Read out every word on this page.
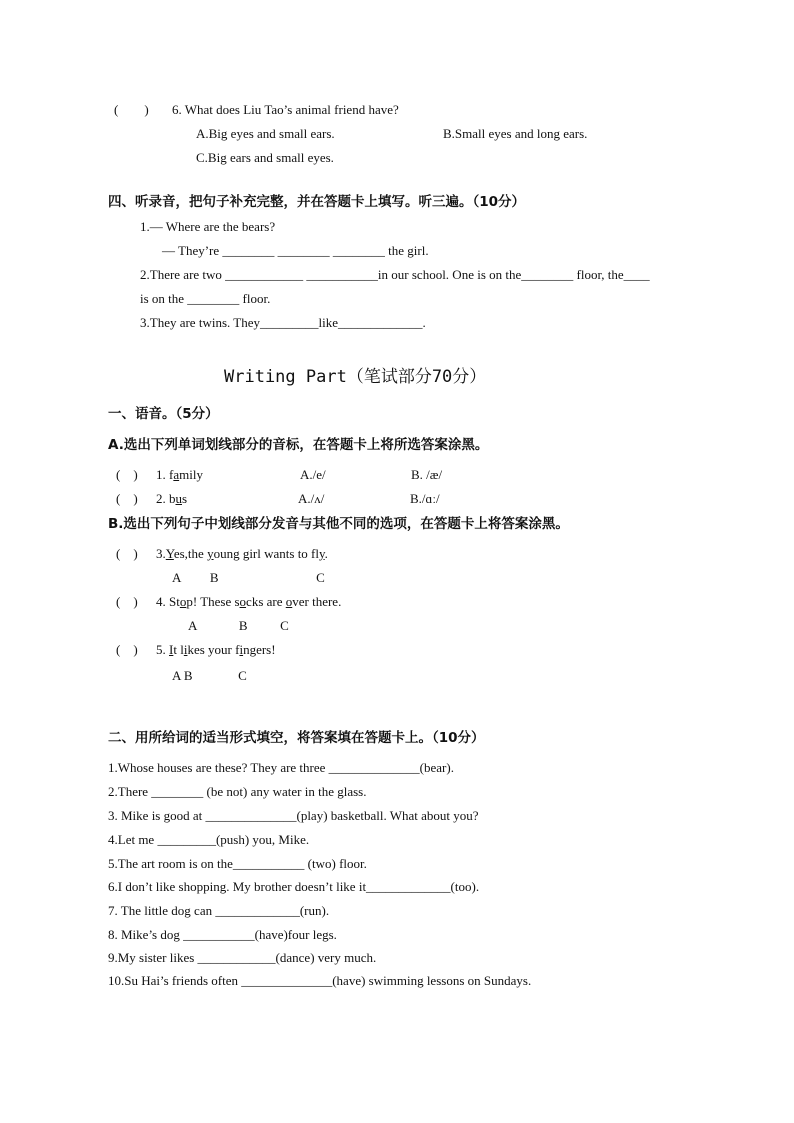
(        ) 6. What does Liu Tao’s animal friend have?
A.Big eyes and small ears.	B.Small eyes and long ears.
C.Big ears and small eyes.
四、听录音，把句子补充完整，并在答题卡上填写。听三遍。（10分）
1.— Where are the bears?
— They’re ________ ________ ________ the girl.
2.There are two ____________ ___________in our school. One is on the________ floor, the____
is on the ________ floor.
3.They are twins. They_________like_____________.
Writing Part（笔试部分70分）
一、语音。（5分）
A.选出下列单词划线部分的音标，在答题卡上将所选答案涂黑。
(    ) 1. family	A./e/	B. /æ/
(    ) 2. bus	A./ʌ/	B./ɑː/
B.选出下列句子中划线部分发音与其他不同的选项，在答题卡上将答案涂黑。
(    ) 3.Yes,the young girl wants to fly.
A         B                              C
(    ) 4. Stop! These socks are over there.
A             B          C
(    ) 5. It likes your fingers!
A B              C
二、用所给词的适当形式填空，将答案填在答题卡上。（10分）
1.Whose houses are these? They are three ______________(bear).
2.There ________ (be not) any water in the glass.
3. Mike is good at ______________(play) basketball. What about you?
4.Let me _________(push) you, Mike.
5.The art room is on the___________ (two) floor.
6.I don’t like shopping. My brother doesn’t like it_____________(too).
7. The little dog can _____________(run).
8. Mike’s dog ___________(have)four legs.
9.My sister likes ____________(dance) very much.
10.Su Hai’s friends often ______________(have) swimming lessons on Sundays.
